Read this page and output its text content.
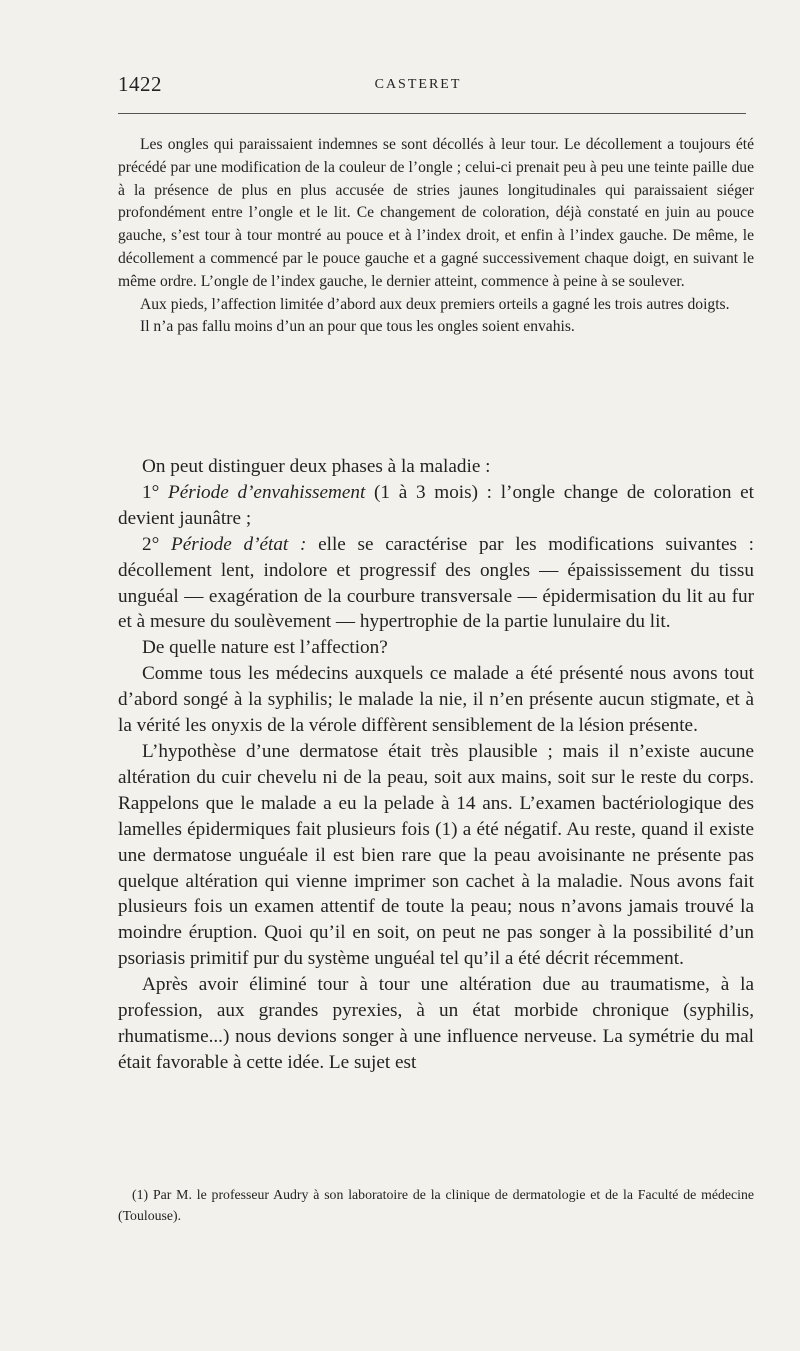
1422	CASTERET

Les ongles qui paraissaient indemnes se sont décollés à leur tour. Le décollement a toujours été précédé par une modification de la couleur de l’ongle ; celui-ci prenait peu à peu une teinte paille due à la présence de plus en plus accusée de stries jaunes longitudinales qui paraissaient siéger profondément entre l’ongle et le lit. Ce changement de coloration, déjà constaté en juin au pouce gauche, s’est tour à tour montré au pouce et à l’index droit, et enfin à l’index gauche. De même, le décollement a commencé par le pouce gauche et a gagné successivement chaque doigt, en suivant le même ordre. L’ongle de l’index gauche, le dernier atteint, commence à peine à se soulever.

Aux pieds, l’affection limitée d’abord aux deux premiers orteils a gagné les trois autres doigts.

Il n’a pas fallu moins d’un an pour que tous les ongles soient envahis.

On peut distinguer deux phases à la maladie :

1° Période d’envahissement (1 à 3 mois) : l’ongle change de coloration et devient jaunâtre ;

2° Période d’état : elle se caractérise par les modifications suivantes : décollement lent, indolore et progressif des ongles — épaississement du tissu unguéal — exagération de la courbure transversale — épidermisation du lit au fur et à mesure du soulèvement — hypertrophie de la partie lunulaire du lit.

De quelle nature est l’affection?

Comme tous les médecins auxquels ce malade a été présenté nous avons tout d’abord songé à la syphilis; le malade la nie, il n’en présente aucun stigmate, et à la vérité les onyxis de la vérole diffèrent sensiblement de la lésion présente.

L’hypothèse d’une dermatose était très plausible ; mais il n’existe aucune altération du cuir chevelu ni de la peau, soit aux mains, soit sur le reste du corps. Rappelons que le malade a eu la pelade à 14 ans. L’examen bactériologique des lamelles épidermiques fait plusieurs fois (1) a été négatif. Au reste, quand il existe une dermatose unguéale il est bien rare que la peau avoisinante ne présente pas quelque altération qui vienne imprimer son cachet à la maladie. Nous avons fait plusieurs fois un examen attentif de toute la peau; nous n’avons jamais trouvé la moindre éruption. Quoi qu’il en soit, on peut ne pas songer à la possibilité d’un psoriasis primitif pur du système unguéal tel qu’il a été décrit récemment.

Après avoir éliminé tour à tour une altération due au traumatisme, à la profession, aux grandes pyrexies, à un état morbide chronique (syphilis, rhumatisme...) nous devions songer à une influence nerveuse. La symétrie du mal était favorable à cette idée. Le sujet est

(1) Par M. le professeur Audry à son laboratoire de la clinique de dermatologie et de la Faculté de médecine (Toulouse).
